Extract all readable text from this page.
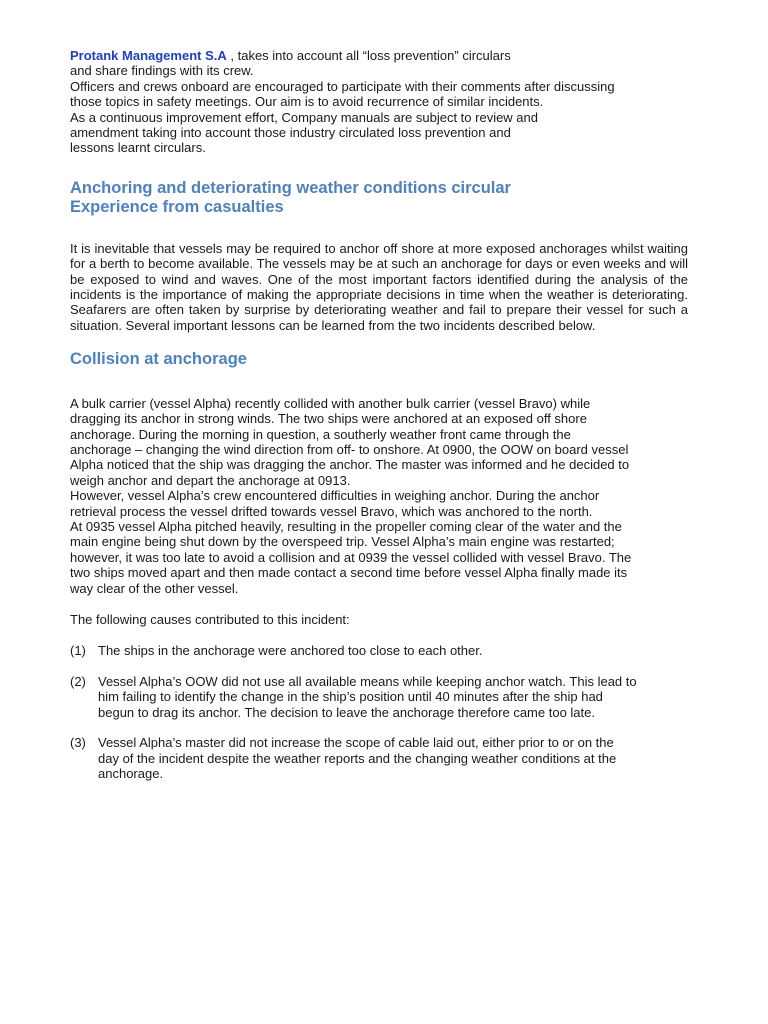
Protank Management S.A , takes into account all “loss prevention” circulars
and share findings with its crew.
Officers and crews onboard are encouraged to participate with their comments after discussing
those topics in safety meetings. Our aim is to avoid recurrence of similar incidents.
As a continuous improvement effort, Company manuals are subject to review and
amendment taking into account those industry circulated loss prevention and
lessons learnt circulars.
Anchoring and deteriorating weather conditions circular
Experience from casualties
It is inevitable that vessels may be required to anchor off shore at more exposed anchorages whilst waiting for a berth to become available. The vessels may be at such an anchorage for days or even weeks and will be exposed to wind and waves. One of the most important factors identified during the analysis of the incidents is the importance of making the appropriate decisions in time when the weather is deteriorating. Seafarers are often taken by surprise by deteriorating weather and fail to prepare their vessel for such a situation. Several important lessons can be learned from the two incidents described below.
Collision at anchorage
A bulk carrier (vessel Alpha) recently collided with another bulk carrier (vessel Bravo) while
dragging its anchor in strong winds. The two ships were anchored at an exposed off shore
anchorage. During the morning in question, a southerly weather front came through the
anchorage – changing the wind direction from off- to onshore. At 0900, the OOW on board vessel
Alpha noticed that the ship was dragging the anchor. The master was informed and he decided to
weigh anchor and depart the anchorage at 0913.
However, vessel Alpha’s crew encountered difficulties in weighing anchor. During the anchor
retrieval process the vessel drifted towards vessel Bravo, which was anchored to the north.
At 0935 vessel Alpha pitched heavily, resulting in the propeller coming clear of the water and the
main engine being shut down by the overspeed trip. Vessel Alpha’s main engine was restarted;
however, it was too late to avoid a collision and at 0939 the vessel collided with vessel Bravo. The
two ships moved apart and then made contact a second time before vessel Alpha finally made its
way clear of the other vessel.
The following causes contributed to this incident:
(1) The ships in the anchorage were anchored too close to each other.
(2) Vessel Alpha’s OOW did not use all available means while keeping anchor watch. This lead to
him failing to identify the change in the ship’s position until 40 minutes after the ship had
begun to drag its anchor. The decision to leave the anchorage therefore came too late.
(3) Vessel Alpha’s master did not increase the scope of cable laid out, either prior to or on the
day of the incident despite the weather reports and the changing weather conditions at the
anchorage.
